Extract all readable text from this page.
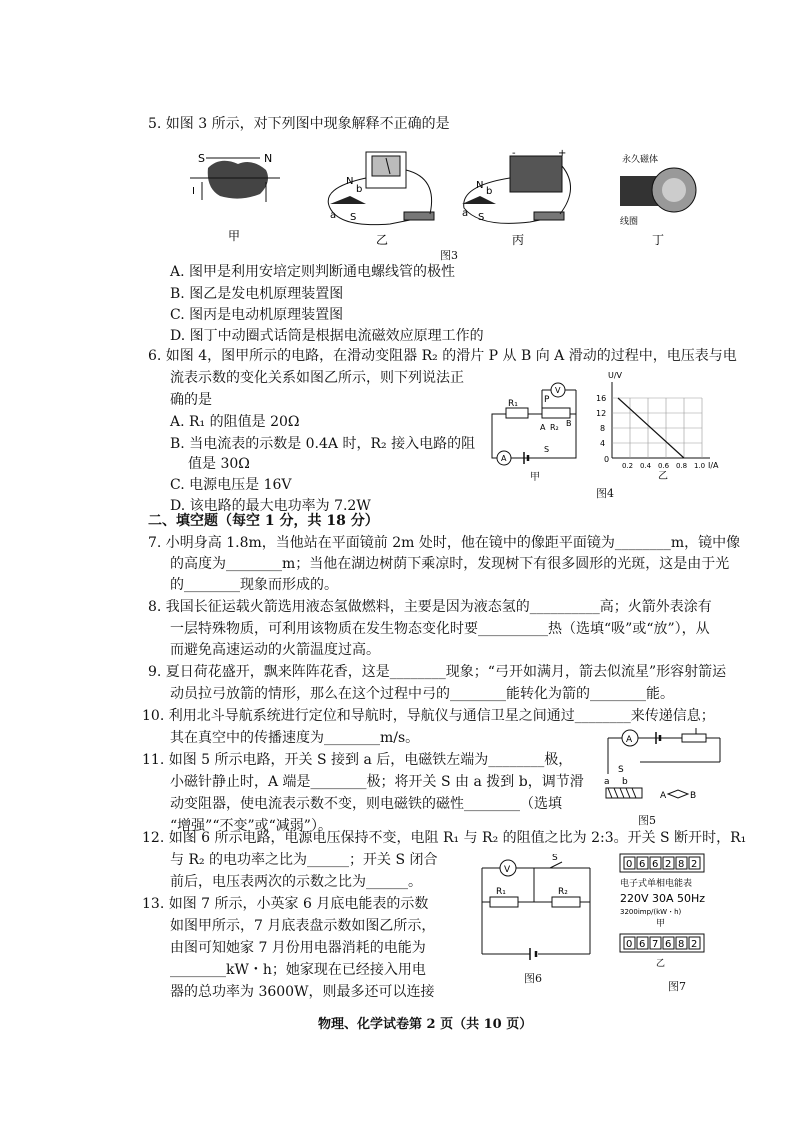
5. 如图 3 所示，对下列图中现象解释不正确的是
S	N
I
甲
N
b
a S
乙
-	+
N
b
a S
丙
永久磁体
线圈
丁
图3
A. 图甲是利用安培定则判断通电螺线管的极性
B. 图乙是发电机原理装置图
C. 图丙是电动机原理装置图
D. 图丁中动圈式话筒是根据电流磁效应原理工作的
6. 如图 4，图甲所示的电路，在滑动变阻器 R₂ 的滑片 P 从 B 向 A 滑动的过程中，电压表与电
流表示数的变化关系如图乙所示，则下列说法正
确的是
A. R₁ 的阻值是 20Ω
B. 当电流表的示数是 0.4A 时，R₂ 接入电路的阻
值是 30Ω
C. 电源电压是 16V
D. 该电路的最大电功率为 7.2W
R₁	P
A R₂ B
V
A
S
甲
U/V
16
12
8
4
0
0.2 0.4 0.6 0.8 1.0 I/A
乙
图4
二、填空题（每空 1 分，共 18 分）
7. 小明身高 1.8m，当他站在平面镜前 2m 处时，他在镜中的像距平面镜为________m，镜中像
的高度为________m；当他在湖边树荫下乘凉时，发现树下有很多圆形的光斑，这是由于光
的________现象而形成的。
8. 我国长征运载火箭选用液态氢做燃料，主要是因为液态氢的__________高；火箭外表涂有
一层特殊物质，可利用该物质在发生物态变化时要__________热（选填“吸”或“放”），从
而避免高速运动的火箭温度过高。
9. 夏日荷花盛开，飘来阵阵花香，这是________现象；“弓开如满月，箭去似流星”形容射箭运
动员拉弓放箭的情形，那么在这个过程中弓的________能转化为箭的________能。
10. 利用北斗导航系统进行定位和导航时，导航仪与通信卫星之间通过________来传递信息；
其在真空中的传播速度为________m/s。
11. 如图 5 所示电路，开关 S 接到 a 后，电磁铁左端为________极，
小磁针静止时，A 端是________极；将开关 S 由 a 拨到 b，调节滑
动变阻器，使电流表示数不变，则电磁铁的磁性________（选填
“增强”“不变”或“减弱”）。
A
a
S
b
A	B
图5
12. 如图 6 所示电路，电源电压保持不变，电阻 R₁ 与 R₂ 的阻值之比为 2:3。开关 S 断开时，R₁
与 R₂ 的电功率之比为______；开关 S 闭合
前后，电压表两次的示数之比为______。
13. 如图 7 所示，小英家 6 月底电能表的示数
如图甲所示，7 月底表盘示数如图乙所示，
由图可知她家 7 月份用电器消耗的电能为
________kW・h；她家现在已经接入用电
器的总功率为 3600W，则最多还可以连接
V
S
R₁	R₂
图6
0 6 6 2 8 2
电子式单相电能表
220V 30A 50Hz
3200imp/(kW・h)
甲
0 6 7 6 8 2
乙
图7
物理、化学试卷第 2 页（共 10 页）
